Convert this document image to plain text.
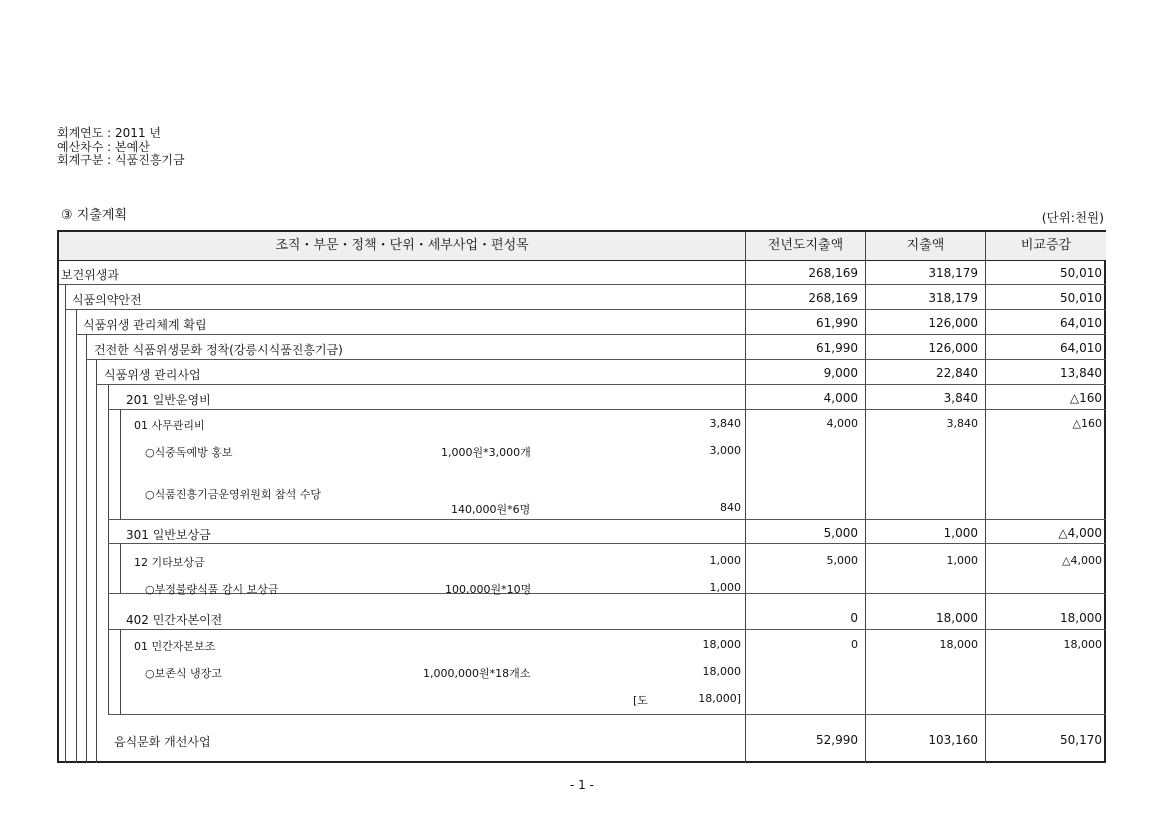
회계연도 : 2011 년
예산차수 : 본예산
회계구분 : 식품진흥기금
③ 지출계획	(단위:천원)
조직・부문・정책・단위・세부사업・편성목	전년도지출액	지출액	비교증감
보건위생과	268,169	318,179	50,010
식품의약안전	268,169	318,179	50,010
식품위생 관리체계 확립	61,990	126,000	64,010
건전한 식품위생문화 정착(강릉시식품진흥기금)	61,990	126,000	64,010
식품위생 관리사업	9,000	22,840	13,840
201 일반운영비	4,000	3,840	△160
01 사무관리비	3,840	4,000	3,840	△160
○식중독예방 홍보	1,000원*3,000개	3,000
○식품진흥기금운영위원회 참석 수당
140,000원*6명	840
301 일반보상금	5,000	1,000	△4,000
12 기타보상금	1,000	5,000	1,000	△4,000
○부정불량식품 감시 보상금	100,000원*10명	1,000
402 민간자본이전	0	18,000	18,000
01 민간자본보조	18,000	0	18,000	18,000
○보존식 냉장고	1,000,000원*18개소	18,000
[도	18,000]
음식문화 개선사업	52,990	103,160	50,170
- 1 -
